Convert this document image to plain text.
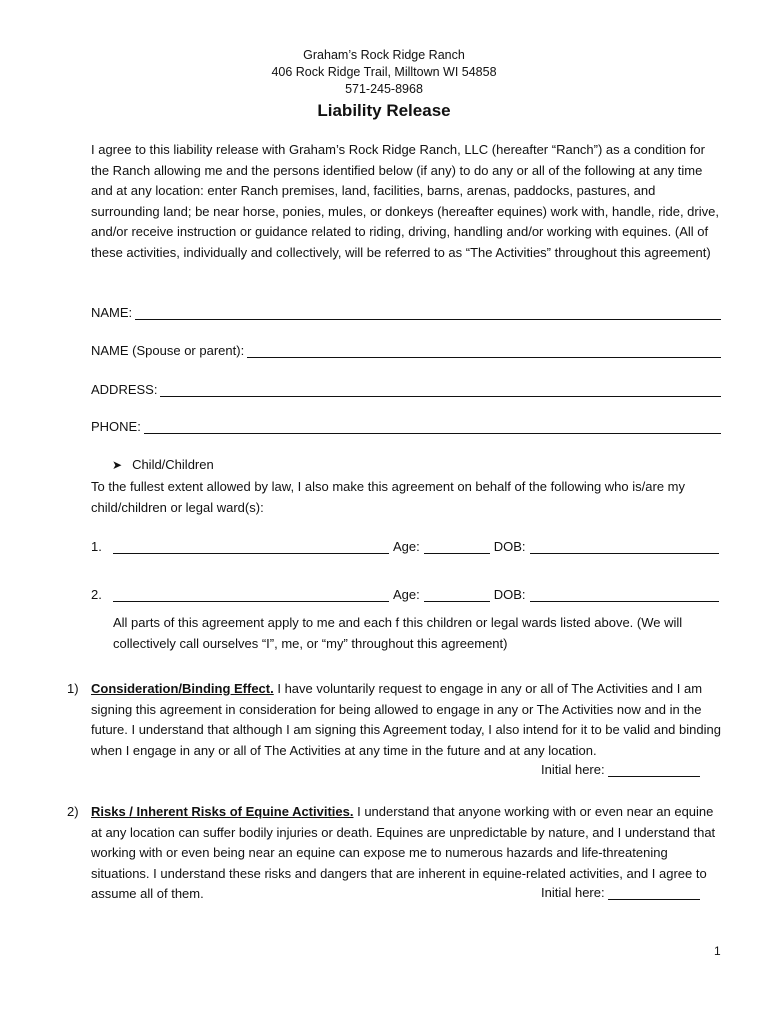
Graham’s Rock Ridge Ranch
406 Rock Ridge Trail, Milltown WI 54858
571-245-8968
Liability Release

I agree to this liability release with Graham’s Rock Ridge Ranch, LLC (hereafter “Ranch”) as a condition for the Ranch allowing me and the persons identified below (if any) to do any or all of the following at any time and at any location: enter Ranch premises, land, facilities, barns, arenas, paddocks, pastures, and surrounding land; be near horse, ponies, mules, or donkeys (hereafter equines) work with, handle, ride, drive, and/or receive instruction or guidance related to riding, driving, handling and/or working with equines. (All of these activities, individually and collectively, will be referred to as “The Activities” throughout this agreement)

NAME:
NAME (Spouse or parent):
ADDRESS:
PHONE:
➤ Child/Children

To the fullest extent allowed by law, I also make this agreement on behalf of the following who is/are my child/children or legal ward(s):

1.	Age:	DOB:
2.	Age:	DOB:

All parts of this agreement apply to me and each f this children or legal wards listed above. (We will collectively call ourselves “I”, me, or “my” throughout this agreement)

1) Consideration/Binding Effect. I have voluntarily request to engage in any or all of The Activities and I am signing this agreement in consideration for being allowed to engage in any or The Activities now and in the future. I understand that although I am signing this Agreement today, I also intend for it to be valid and binding when I engage in any or all of The Activities at any time in the future and at any location.
Initial here:
2) Risks / Inherent Risks of Equine Activities. I understand that anyone working with or even near an equine at any location can suffer bodily injuries or death. Equines are unpredictable by nature, and I understand that working with or even being near an equine can expose me to numerous hazards and life-threatening situations. I understand these risks and dangers that are inherent in equine-related activities, and I agree to assume all of them.	Initial here:
1
